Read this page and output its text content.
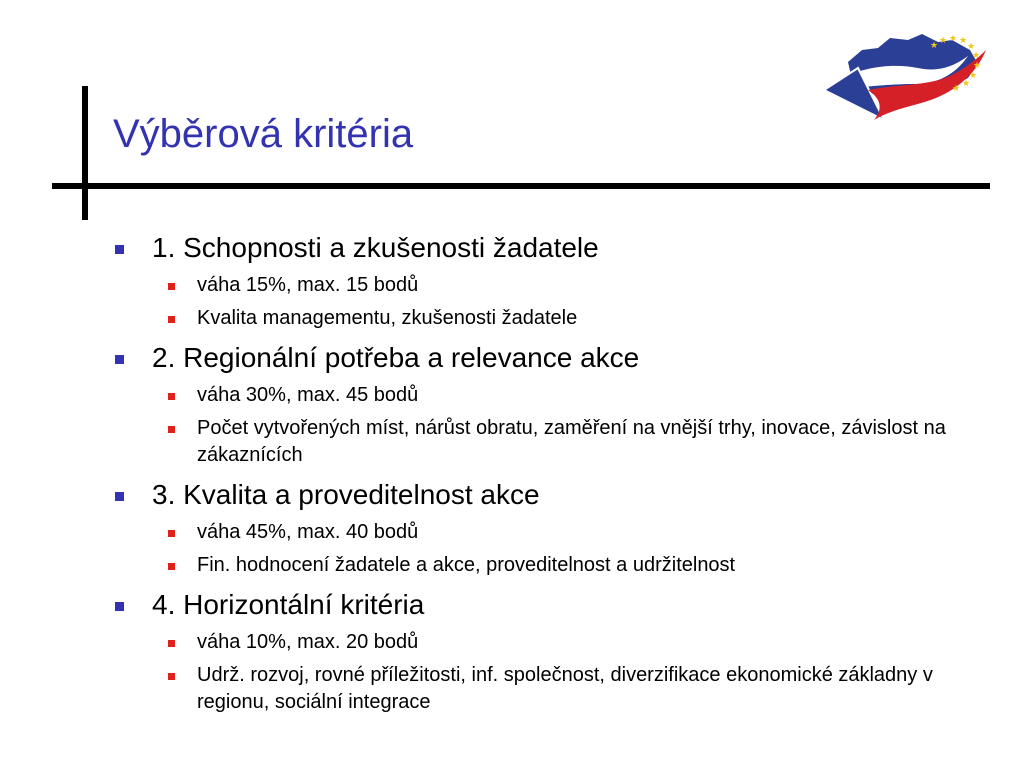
Výběrová kritéria
★ ★ ★ ★
★
★
★
★
★
★
1. Schopnosti a zkušenosti žadatele
váha 15%, max. 15 bodů
Kvalita managementu, zkušenosti žadatele
2. Regionální potřeba a relevance akce
váha 30%, max. 45 bodů
Počet vytvořených míst, nárůst obratu, zaměření na vnější trhy, inovace, závislost na zákaznících
3. Kvalita a proveditelnost akce
váha 45%, max. 40 bodů
Fin. hodnocení žadatele a akce, proveditelnost a udržitelnost
4. Horizontální kritéria
váha 10%, max. 20 bodů
Udrž. rozvoj, rovné příležitosti, inf. společnost, diverzifikace ekonomické základny v regionu, sociální integrace
